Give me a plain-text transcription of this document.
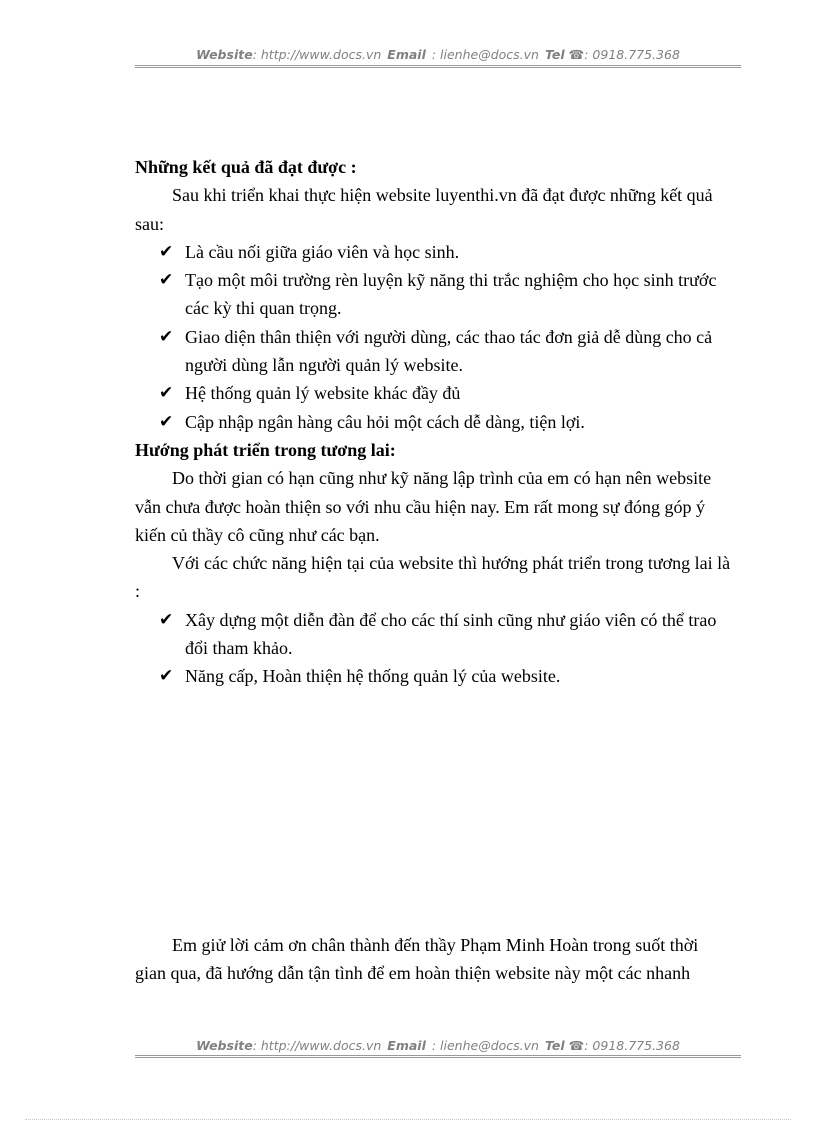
Website: http://www.docs.vn Email : lienhe@docs.vn Tel ☎: 0918.775.368

Những kết quả đã đạt được :

Sau khi triển khai thực hiện website luyenthi.vn đã đạt được những kết quả sau:

✔ Là cầu nối giữa giáo viên và học sinh.
✔ Tạo một môi trường rèn luyện kỹ năng thi trắc nghiệm cho học sinh trước các kỳ thi quan trọng.
✔ Giao diện thân thiện với người dùng, các thao tác đơn giả dễ dùng cho cả người dùng lẫn người quản lý website.
✔ Hệ thống quản lý website khác đầy đủ
✔ Cập nhập ngân hàng câu hỏi một cách dễ dàng, tiện lợi.

Hướng phát triển trong tương lai:

Do thời gian có hạn cũng như kỹ năng lập trình của em có hạn nên website vẫn chưa được hoàn thiện so với nhu cầu hiện nay. Em rất mong sự đóng góp ý kiến củ thầy cô cũng như các bạn.

Với các chức năng hiện tại của website thì hướng phát triển trong tương lai là :

✔ Xây dựng một diễn đàn để cho các thí sinh cũng như giáo viên có thể trao đổi tham khảo.
✔ Năng cấp, Hoàn thiện hệ thống quản lý của website.

Em giử lời cảm ơn chân thành đến thầy Phạm Minh Hoàn trong suốt thời gian qua, đã hướng dẫn tận tình để em hoàn thiện website này một các nhanh

Website: http://www.docs.vn Email : lienhe@docs.vn Tel ☎: 0918.775.368
